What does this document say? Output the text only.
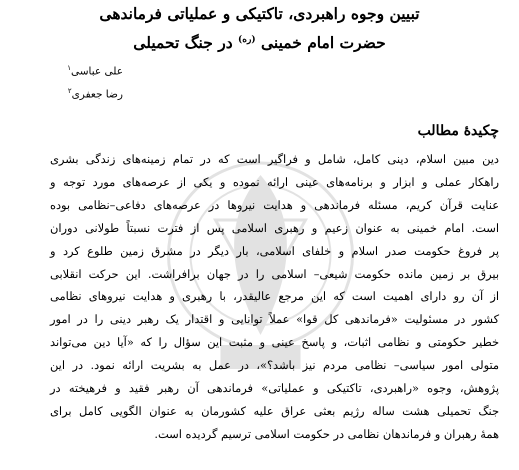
تبیین وجوه راهبردی، تاکتیکی و عملیاتی فرماندهی
حضرت امام خمینی $^{(ره)}$ در جنگ تحمیلی
علی عباسی$^۱$
رضا جعفری$^۲$
چکیدۀ مطالب
دین مبین اسلام، دینی کامل، شامل و فراگیر است که در تمام زمینه‌های زندگی بشری
راهکار عملی و ابزار و برنامه‌های عینی ارائه نموده و یکی از عرصه‌های مورد توجه و
عنایت قرآن کریم، مسئله فرماندهی و هدایت نیروها در عرصه‌های دفاعی–نظامی بوده
است. امام خمینی به عنوان زعیم و رهبری اسلامی پس از فترت نسبتاً طولانی دوران
پر فروغ حکومت صدر اسلام و خلفای اسلامی، بار دیگر در مشرق زمین طلوع کرد و
بیرق بر زمین مانده حکومت شیعی– اسلامی را در جهان برافراشت. این حرکت انقلابی
از آن رو دارای اهمیت است که این مرجع عالیقدر، با رهبری و هدایت نیروهای نظامی
کشور در مسئولیت «فرماندهی کل قوا» عملاً توانایی و اقتدار یک رهبر دینی را در امور
خطیر حکومتی و نظامی اثبات، و پاسخ عینی و مثبت این سؤال را که «آیا دین می‌تواند
متولی امور سیاسی– نظامی مردم نیز باشد؟»، در عمل به بشریت ارائه نمود. در این
پژوهش، وجوه «راهبردی، تاکتیکی و عملیاتی» فرماندهی آن رهبر فقید و فرهیخته در
جنگ تحمیلی هشت ساله رژیم بعثی عراق علیه کشورمان به عنوان الگویی کامل برای
همۀ رهبران و فرماندهان نظامی در حکومت اسلامی ترسیم گردیده است.
